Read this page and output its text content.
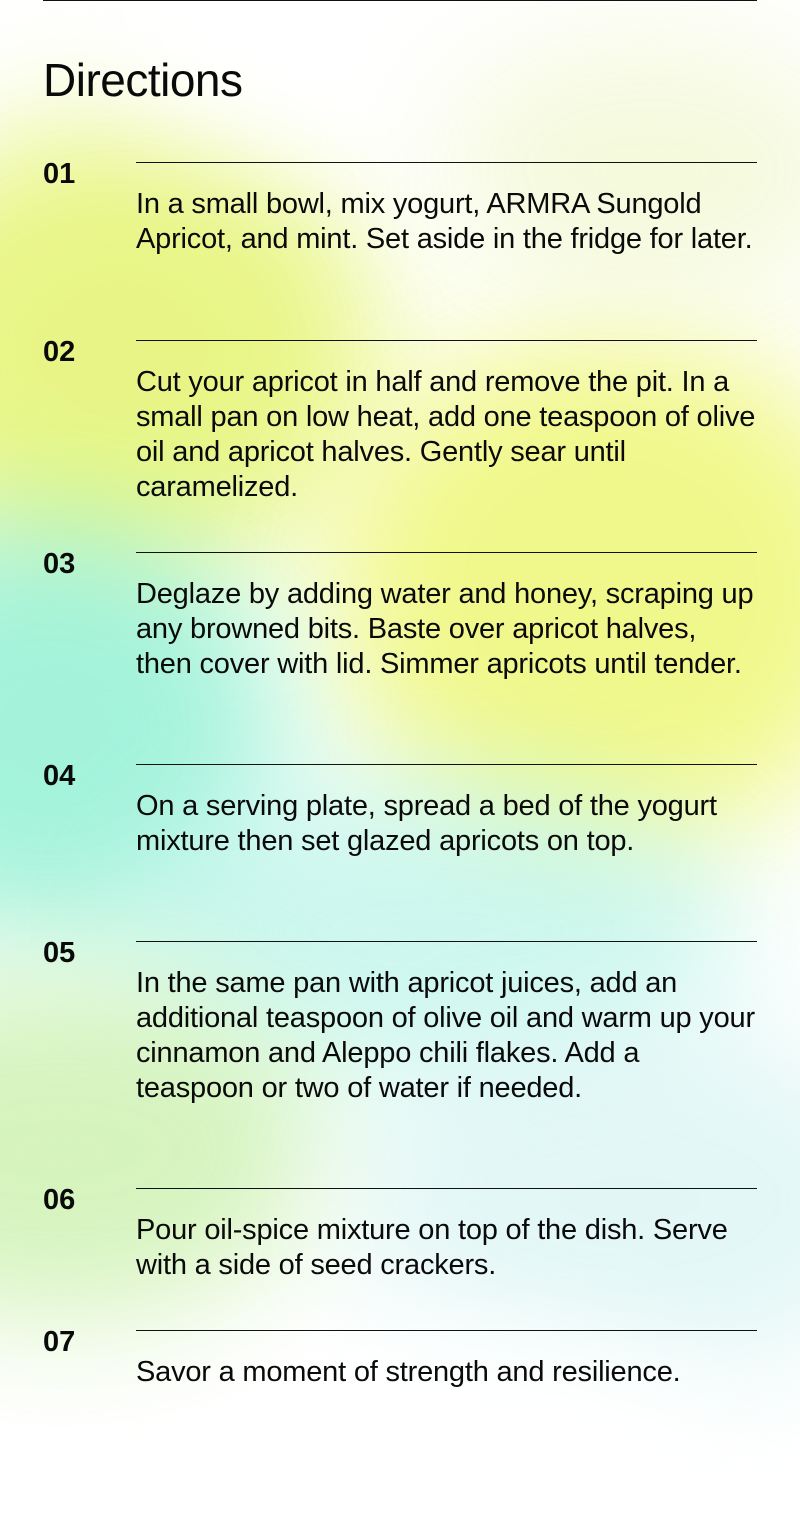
Directions
01
In a small bowl, mix yogurt, ARMRA Sungold Apricot, and mint. Set aside in the fridge for later.
02
Cut your apricot in half and remove the pit. In a small pan on low heat, add one teaspoon of olive oil and apricot halves. Gently sear until caramelized.
03
Deglaze by adding water and honey, scraping up any browned bits. Baste over apricot halves, then cover with lid. Simmer apricots until tender.
04
On a serving plate, spread a bed of the yogurt mixture then set glazed apricots on top.
05
In the same pan with apricot juices, add an additional teaspoon of olive oil and warm up your cinnamon and Aleppo chili flakes. Add a teaspoon or two of water if needed.
06
Pour oil-spice mixture on top of the dish. Serve with a side of seed crackers.
07
Savor a moment of strength and resilience.
